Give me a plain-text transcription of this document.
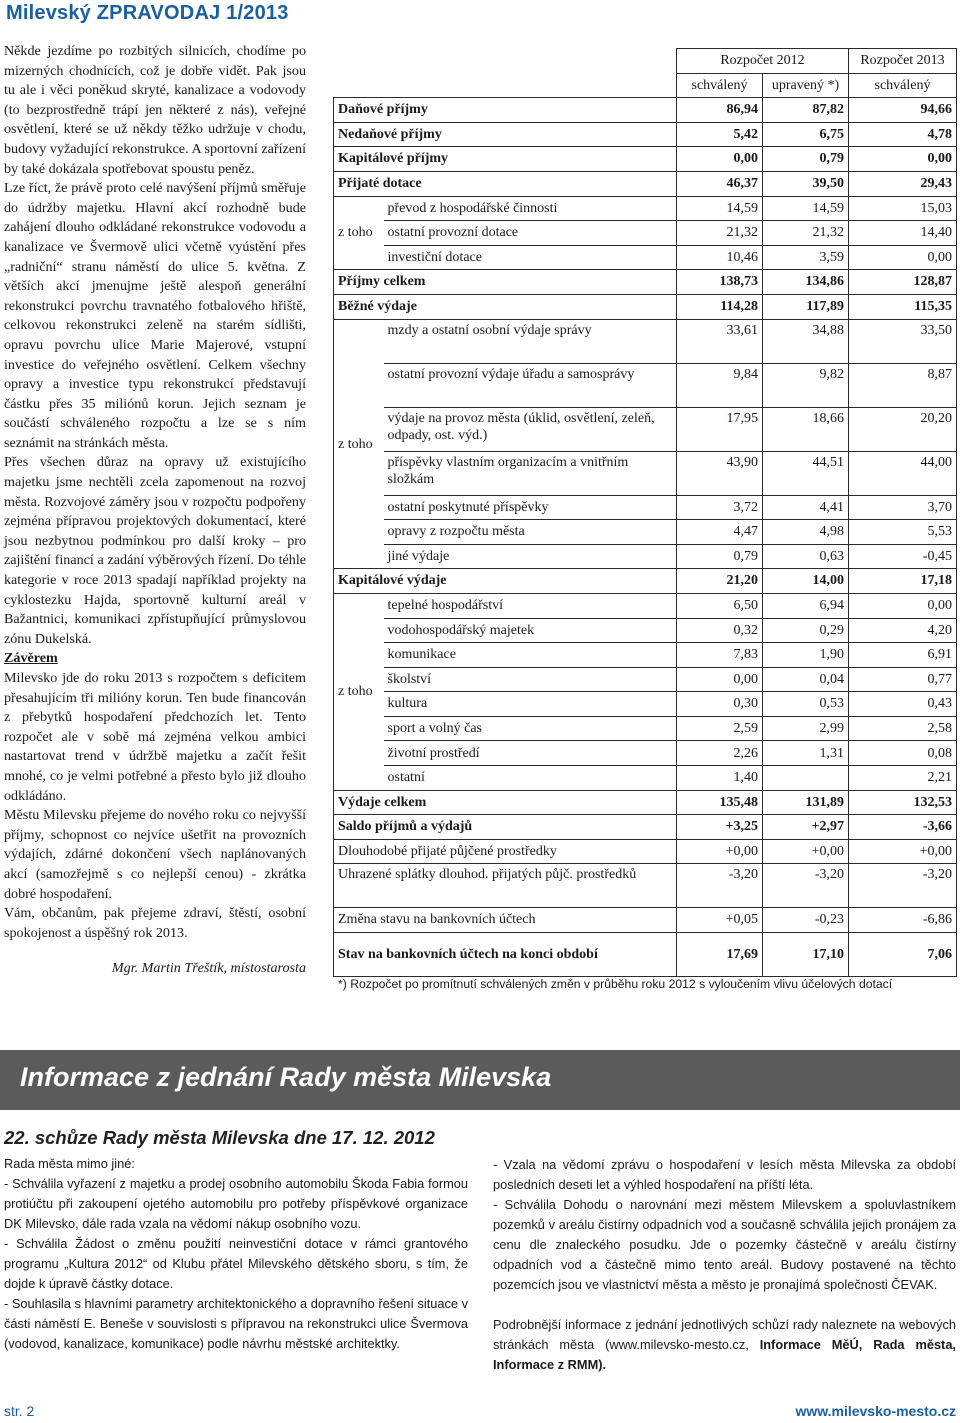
Milevský ZPRAVODAJ 1/2013

Někde jezdíme po rozbitých silnicích, chodíme po mizerných chodnících, což je dobře vidět. Pak jsou tu ale i věci poněkud skryté, kanalizace a vodovody (to bezprostředně trápí jen některé z nás), veřejné osvětlení, které se už někdy těžko udržuje v chodu, budovy vyžadující rekonstrukce. A sportovní zařízení by také dokázala spotřebovat spoustu peněz.

Lze říct, že právě proto celé navýšení příjmů směřuje do údržby majetku. Hlavní akcí rozhodně bude zahájení dlouho odkládané rekonstrukce vodovodu a kanalizace ve Švermově ulici včetně vyústění přes „radniční“ stranu náměstí do ulice 5. května. Z větších akcí jmenujme ještě alespoň generální rekonstrukci povrchu travnatého fotbalového hřiště, celkovou rekonstrukci zeleně na starém sídlišti, opravu povrchu ulice Marie Majerové, vstupní investice do veřejného osvětlení. Celkem všechny opravy a investice typu rekonstrukcí představují částku přes 35 miliónů korun. Jejich seznam je součástí schváleného rozpočtu a lze se s ním seznámit na stránkách města.

Přes všechen důraz na opravy už existujícího majetku jsme nechtěli zcela zapomenout na rozvoj města. Rozvojové záměry jsou v rozpočtu podpořeny zejména přípravou projektových dokumentací, které jsou nezbytnou podmínkou pro další kroky – pro zajištění financí a zadání výběrových řízení. Do téhle kategorie v roce 2013 spadají například projekty na cyklostezku Hajda, sportovně kulturní areál v Bažantnici, komunikaci zpřístupňující průmyslovou zónu Dukelská.

Závěrem

Milevsko jde do roku 2013 s rozpočtem s deficitem přesahujícím tři milióny korun. Ten bude financován z přebytků hospodaření předchozích let. Tento rozpočet ale v sobě má zejména velkou ambici nastartovat trend v údržbě majetku a začít řešit mnohé, co je velmi potřebné a přesto bylo již dlouho odkládáno.

Městu Milevsku přejeme do nového roku co nejvyšší příjmy, schopnost co nejvíce ušetřit na provozních výdajích, zdárné dokončení všech naplánovaných akcí (samozřejmě s co nejlepší cenou) - zkrátka dobré hospodaření.

Vám, občanům, pak přejeme zdraví, štěstí, osobní spokojenost a úspěšný rok 2013.

Mgr. Martin Třeštík, místostarosta

		Rozpočet 2012		Rozpočet 2013
		schválený	upravený *)	schválený
Daňové příjmy		86,94	87,82	94,66
Nedaňové příjmy		5,42	6,75	4,78
Kapitálové příjmy		0,00	0,79	0,00
Přijaté dotace		46,37	39,50	29,43
z toho	převod z hospodářské činnosti	14,59	14,59	15,03
	ostatní provozní dotace	21,32	21,32	14,40
	investiční dotace	10,46	3,59	0,00
Příjmy celkem		138,73	134,86	128,87
Běžné výdaje		114,28	117,89	115,35
z toho	mzdy a ostatní osobní výdaje správy	33,61	34,88	33,50
	ostatní provozní výdaje úřadu a samosprávy	9,84	9,82	8,87
	výdaje na provoz města (úklid, osvětlení, zeleň, odpady, ost. výd.)	17,95	18,66	20,20
	příspěvky vlastním organizacím a vnitřním složkám	43,90	44,51	44,00
	ostatní poskytnuté příspěvky	3,72	4,41	3,70
	opravy z rozpočtu města	4,47	4,98	5,53
	jiné výdaje	0,79	0,63	-0,45
Kapitálové výdaje		21,20	14,00	17,18
z toho	tepelné hospodářství	6,50	6,94	0,00
	vodohospodářský majetek	0,32	0,29	4,20
	komunikace	7,83	1,90	6,91
	školství	0,00	0,04	0,77
	kultura	0,30	0,53	0,43
	sport a volný čas	2,59	2,99	2,58
	životní prostředí	2,26	1,31	0,08
	ostatní	1,40		2,21
Výdaje celkem		135,48	131,89	132,53
Saldo příjmů a výdajů		+3,25	+2,97	-3,66
Dlouhodobé přijaté půjčené prostředky		+0,00	+0,00	+0,00
Uhrazené splátky dlouhod. přijatých půjč. prostředků		-3,20	-3,20	-3,20
Změna stavu na bankovních účtech		+0,05	-0,23	-6,86
Stav na bankovních účtech na konci období		17,69	17,10	7,06
*) Rozpočet po promítnutí schválených změn v průběhu roku 2012 s vyloučením vlivu účelových dotací
Informace z jednání Rady města Milevska
22. schůze Rady města Milevska dne 17. 12. 2012

Rada města mimo jiné:

- Schválila vyřazení z majetku a prodej osobního automobilu Škoda Fabia formou protiúčtu při zakoupení ojetého automobilu pro potřeby příspěvkové organizace DK Milevsko, dále rada vzala na vědomí nákup osobního vozu.

- Schválila Žádost o změnu použití neinvestiční dotace v rámci grantového programu „Kultura 2012“ od Klubu přátel Milevského dětského sboru, s tím, že dojde k úpravě částky dotace.

- Souhlasila s hlavními parametry architektonického a dopravního řešení situace v části náměstí E. Beneše v souvislosti s přípravou na rekonstrukci ulice Švermova (vodovod, kanalizace, komunikace) podle návrhu městské architektky.

- Vzala na vědomí zprávu o hospodaření v lesích města Milevska za období posledních deseti let a výhled hospodaření na příští léta.

- Schválila Dohodu o narovnání mezi městem Milevskem a spoluvlastníkem pozemků v areálu čistírny odpadních vod a současně schválila jejich pronájem za cenu dle znaleckého posudku. Jde o pozemky částečně v areálu čistírny odpadních vod a částečně mimo tento areál. Budovy postavené na těchto pozemcích jsou ve vlastnictví města a město je pronajímá společnosti ČEVAK.

Podrobnější informace z jednání jednotlivých schůzí rady naleznete na webových stránkách města (www.milevsko-mesto.cz, Informace MěÚ, Rada města, Informace z RMM).

str. 2	www.milevsko-mesto.cz
